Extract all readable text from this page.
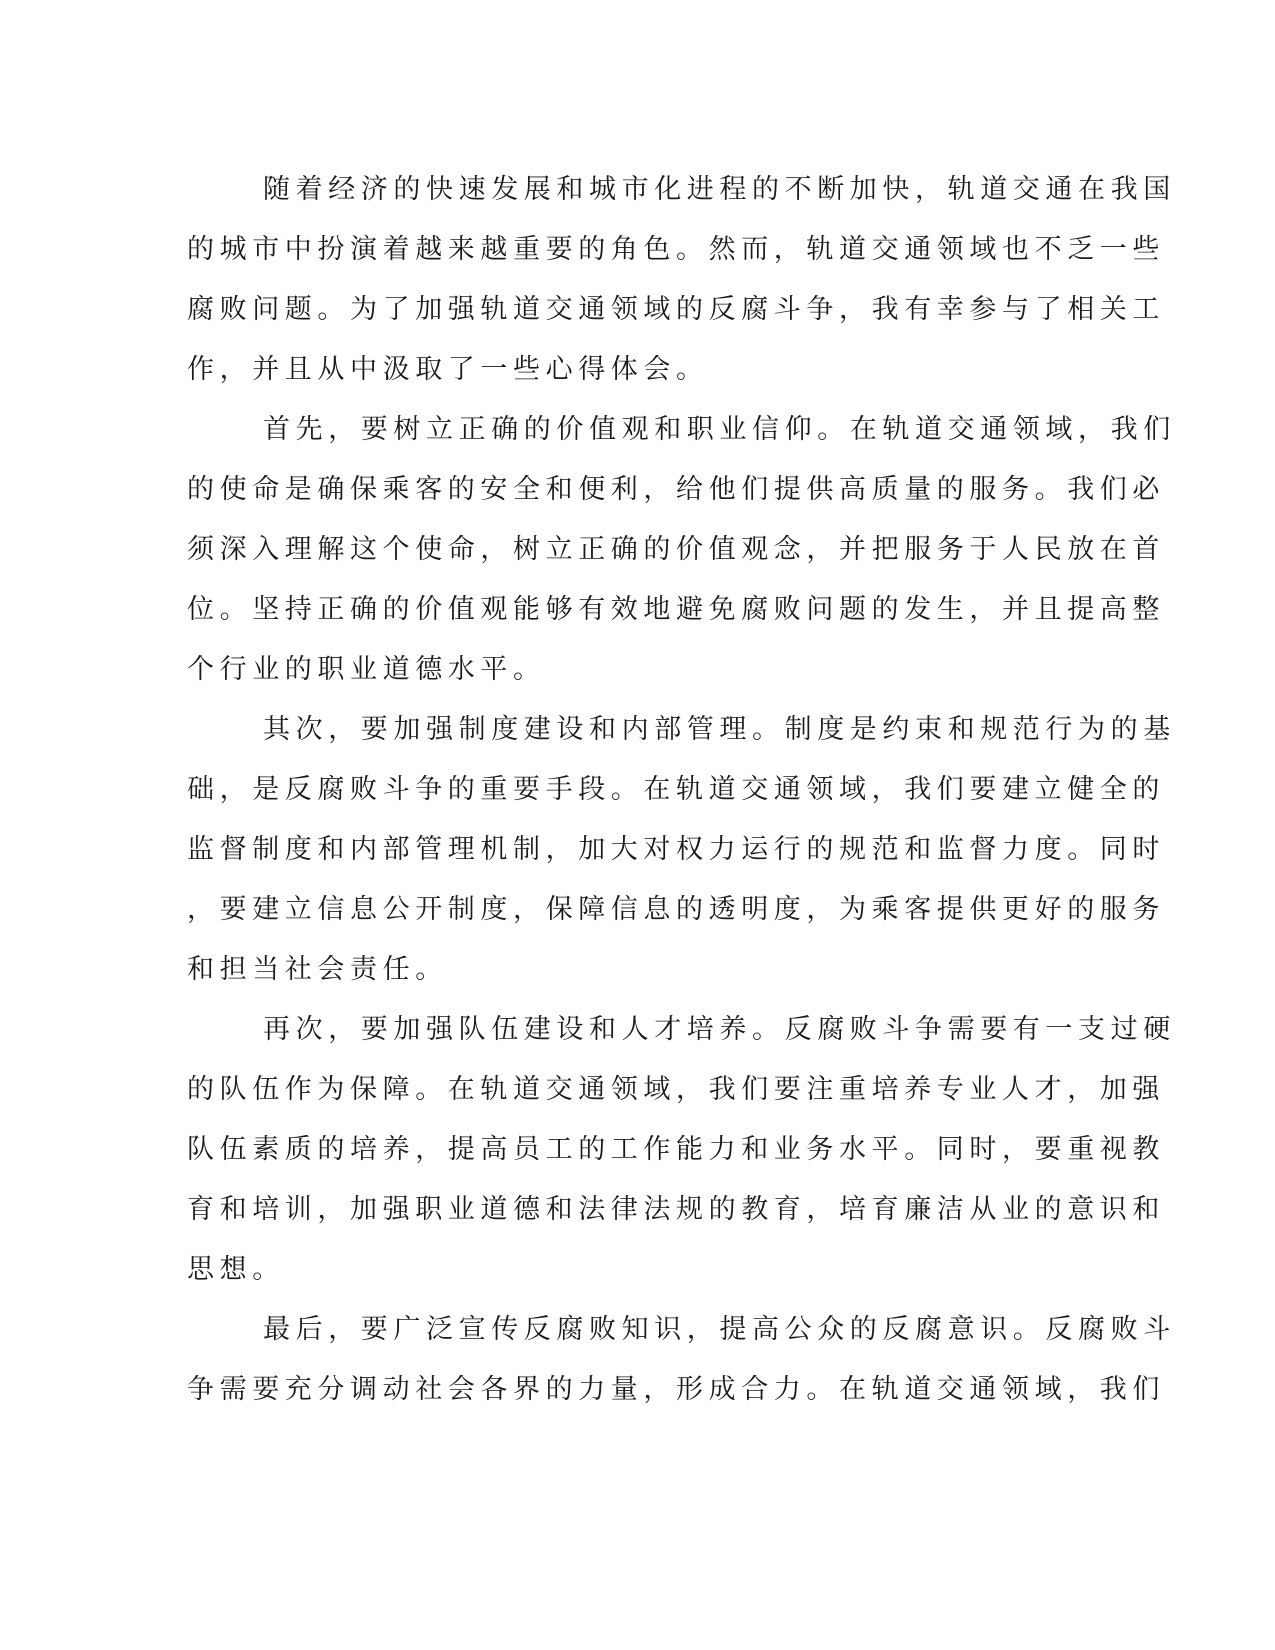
随着经济的快速发展和城市化进程的不断加快，轨道交通在我国
的城市中扮演着越来越重要的角色。然而，轨道交通领域也不乏一些
腐败问题。为了加强轨道交通领域的反腐斗争，我有幸参与了相关工
作，并且从中汲取了一些心得体会。
首先，要树立正确的价值观和职业信仰。在轨道交通领域，我们
的使命是确保乘客的安全和便利，给他们提供高质量的服务。我们必
须深入理解这个使命，树立正确的价值观念，并把服务于人民放在首
位。坚持正确的价值观能够有效地避免腐败问题的发生，并且提高整
个行业的职业道德水平。
其次，要加强制度建设和内部管理。制度是约束和规范行为的基
础，是反腐败斗争的重要手段。在轨道交通领域，我们要建立健全的
监督制度和内部管理机制，加大对权力运行的规范和监督力度。同时
，要建立信息公开制度，保障信息的透明度，为乘客提供更好的服务
和担当社会责任。
再次，要加强队伍建设和人才培养。反腐败斗争需要有一支过硬
的队伍作为保障。在轨道交通领域，我们要注重培养专业人才，加强
队伍素质的培养，提高员工的工作能力和业务水平。同时，要重视教
育和培训，加强职业道德和法律法规的教育，培育廉洁从业的意识和
思想。
最后，要广泛宣传反腐败知识，提高公众的反腐意识。反腐败斗
争需要充分调动社会各界的力量，形成合力。在轨道交通领域，我们
